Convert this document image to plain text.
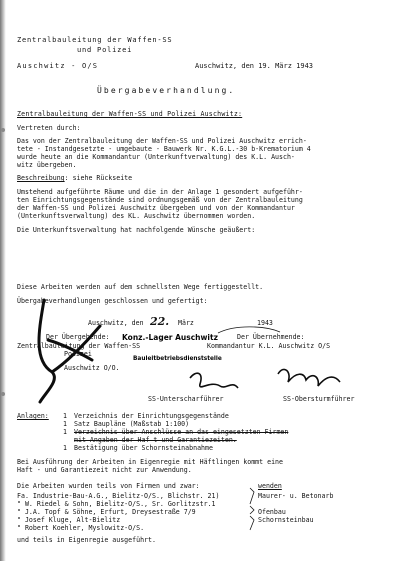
Zentralbauleitung der Waffen-SS
und Polizei
Auschwitz - O/S	Auschwitz, den 19. März 1943
Übergabeverhandlung.
Zentralbauleitung der Waffen-SS und Polizei Auschwitz:
Vertreten durch:
Das von der Zentralbauleitung der Waffen-SS und Polizei Auschwitz errich-
tete - Instandgesetzte - umgebaute - Bauwerk Nr. K.G.L.-30 b-Krematorium 4
wurde heute an die Kommandantur (Unterkunftverwaltung) des K.L. Ausch-
witz übergeben.
Beschreibung: siehe Rückseite
Umstehend aufgeführte Räume und die in der Anlage 1 gesondert aufgeführ-
ten Einrichtungsgegenstände sind ordnungsgemäß von der Zentralbauleitung
der Waffen-SS und Polizei Auschwitz übergeben und von der Kommandantur
(Unterkunftsverwaltung) des KL. Auschwitz übernommen worden.
Die Unterkunftsverwaltung hat nachfolgende Wünsche geäußert:
Diese Arbeiten werden auf dem schnellsten Wege fertiggestellt.
Übergabeverhandlungen geschlossen und gefertigt:
Auschwitz, den 22. März	1943
Der Übergebende:	Der Übernehmende:
Zentralbauleitung der Waffen-SS	Kommandantur K.L. Auschwitz O/S
Polizei
Auschwitz O/O.
Konz.-Lager Auschwitz
Bauleitbetriebsdienststelle
SS-Unterscharführer	SS-Obersturmführer
Anlagen: 1 Verzeichnis der Einrichtungsgegenstände
1 Satz Baupläne (Maßstab 1:100)
1 Verzeichnis über Anschlüsse an das eingesetzten Firmen
mit Angaben der Haf t und Garantiezeiten.
1 Bestätigung über Schornsteinabnahme
Bei Ausführung der Arbeiten in Eigenregie mit Häftlingen kommt eine
Haft - und Garantiezeit nicht zur Anwendung.
Die Arbeiten wurden teils von Firmen und zwar:	wenden
Fa. Industrie-Bau-A.G., Bielitz-O/S., Blichstr. 21)	Maurer- u. Betonarb
" W. Riedel & Sohn, Bielitz-O/S., Sr. Gorlitzstr.1
" J.A. Topf & Söhne, Erfurt, Dreysestraße 7/9	Ofenbau
" Josef Kluge, Alt-Bielitz	Schornsteinbau
" Robert Koehler, Myslowitz-O/S.
und teils in Eigenregie ausgeführt.
